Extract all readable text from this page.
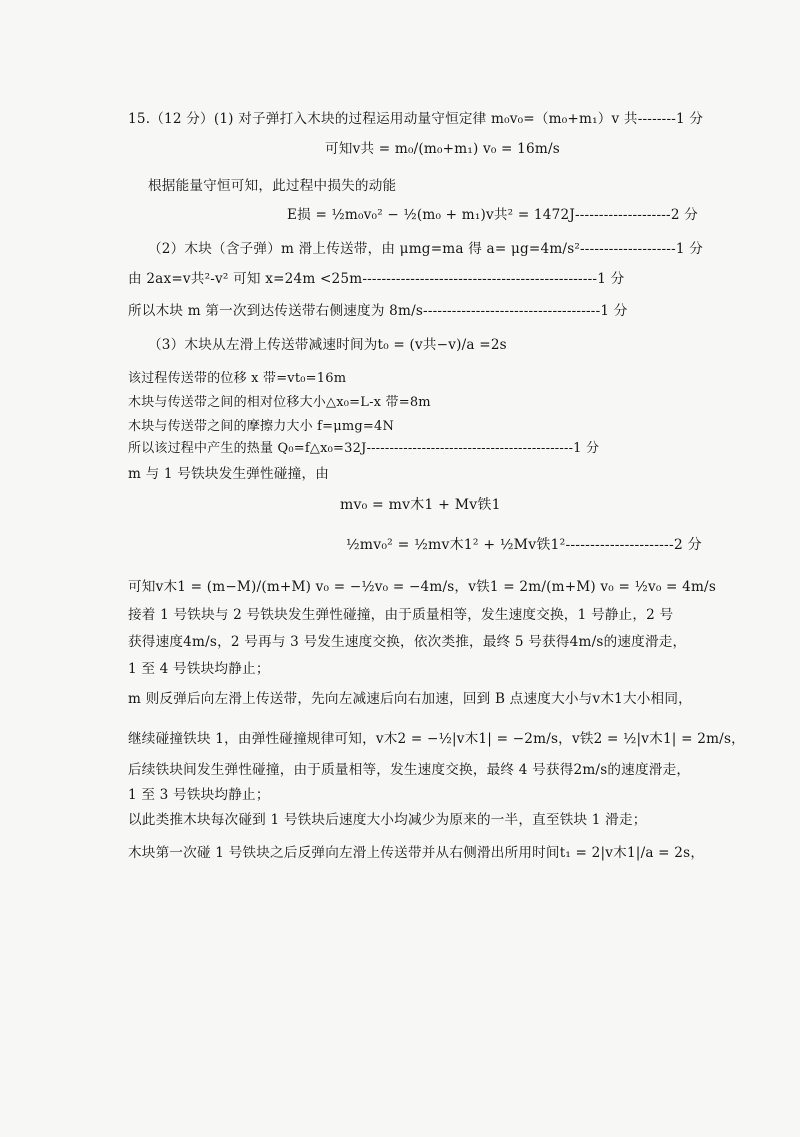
15.（12 分）(1) 对子弹打入木块的过程运用动量守恒定律 m₀v₀=（m₀+m₁）v 共--------1 分
可知v共 = m₀/(m₀+m₁) v₀ = 16m/s
根据能量守恒可知，此过程中损失的动能
E损 = ½m₀v₀² − ½(m₀ + m₁)v共² = 1472J--------------------2 分
（2）木块（含子弹）m 滑上传送带，由 μmg=ma 得 a= μg=4m/s²--------------------1 分
由 2ax=v共²-v² 可知 x=24m <25m-------------------------------------------------1 分
所以木块 m 第一次到达传送带右侧速度为 8m/s-------------------------------------1 分
（3）木块从左滑上传送带减速时间为t₀ = (v共−v)/a =2s
该过程传送带的位移 x 带=vt₀=16m
木块与传送带之间的相对位移大小△x₀=L-x 带=8m
木块与传送带之间的摩擦力大小 f=μmg=4N
所以该过程中产生的热量 Q₀=f△x₀=32J---------------------------------------------1 分
m 与 1 号铁块发生弹性碰撞，由
mv₀ = mv木1 + Mv铁1
½mv₀² = ½mv木1² + ½Mv铁1²----------------------2 分
可知v木1 = (m−M)/(m+M) v₀ = −½v₀ = −4m/s，v铁1 = 2m/(m+M) v₀ = ½v₀ = 4m/s
接着 1 号铁块与 2 号铁块发生弹性碰撞，由于质量相等，发生速度交换，1 号静止，2 号
获得速度4m/s，2 号再与 3 号发生速度交换，依次类推，最终 5 号获得4m/s的速度滑走，
1 至 4 号铁块均静止；
m 则反弹后向左滑上传送带，先向左减速后向右加速，回到 B 点速度大小与v木1大小相同，
继续碰撞铁块 1，由弹性碰撞规律可知，v木2 = −½|v木1| = −2m/s，v铁2 = ½|v木1| = 2m/s，
后续铁块间发生弹性碰撞，由于质量相等，发生速度交换，最终 4 号获得2m/s的速度滑走，
1 至 3 号铁块均静止；
以此类推木块每次碰到 1 号铁块后速度大小均减少为原来的一半，直至铁块 1 滑走；
木块第一次碰 1 号铁块之后反弹向左滑上传送带并从右侧滑出所用时间t₁ = 2|v木1|/a = 2s，
